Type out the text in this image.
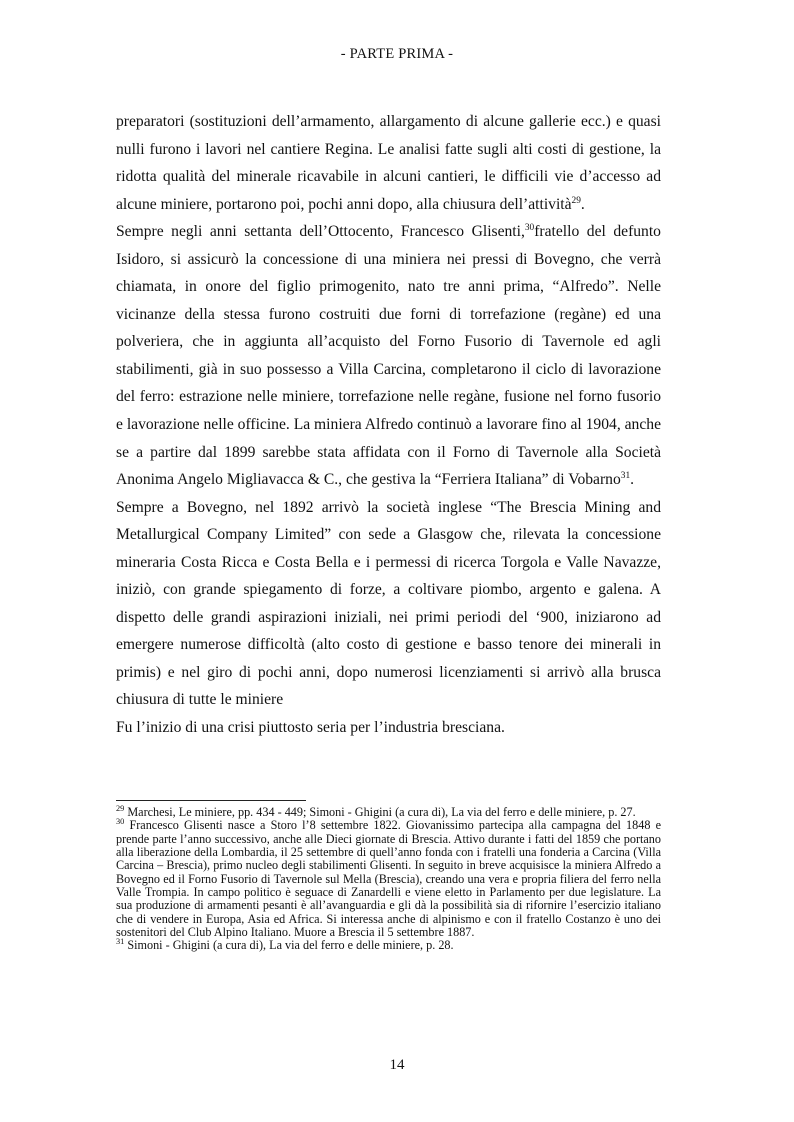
- PARTE PRIMA -

preparatori (sostituzioni dell’armamento, allargamento di alcune gallerie ecc.) e quasi nulli furono i lavori nel cantiere Regina. Le analisi fatte sugli alti costi di gestione, la ridotta qualità del minerale ricavabile in alcuni cantieri, le difficili vie d’accesso ad alcune miniere, portarono poi, pochi anni dopo, alla chiusura dell’attività$^{29}$.

Sempre negli anni settanta dell’Ottocento, Francesco Glisenti,$^{30}$fratello del defunto Isidoro, si assicurò la concessione di una miniera nei pressi di Bovegno, che verrà chiamata, in onore del figlio primogenito, nato tre anni prima, “Alfredo”. Nelle vicinanze della stessa furono costruiti due forni di torrefazione (regàne) ed una polveriera, che in aggiunta all’acquisto del Forno Fusorio di Tavernole ed agli stabilimenti, già in suo possesso a Villa Carcina, completarono il ciclo di lavorazione del ferro: estrazione nelle miniere, torrefazione nelle regàne, fusione nel forno fusorio e lavorazione nelle officine. La miniera Alfredo continuò a lavorare fino al 1904, anche se a partire dal 1899 sarebbe stata affidata con il Forno di Tavernole alla Società Anonima Angelo Migliavacca & C., che gestiva la “Ferriera Italiana” di Vobarno$^{31}$.

Sempre a Bovegno, nel 1892 arrivò la società inglese “The Brescia Mining and Metallurgical Company Limited” con sede a Glasgow che, rilevata la concessione mineraria Costa Ricca e Costa Bella e i permessi di ricerca Torgola e Valle Navazze, iniziò, con grande spiegamento di forze, a coltivare piombo, argento e galena. A dispetto delle grandi aspirazioni iniziali, nei primi periodi del ‘900, iniziarono ad emergere numerose difficoltà (alto costo di gestione e basso tenore dei minerali in primis) e nel giro di pochi anni, dopo numerosi licenziamenti si arrivò alla brusca chiusura di tutte le miniere

Fu l’inizio di una crisi piuttosto seria per l’industria bresciana.

$^{29}$ Marchesi, Le miniere, pp. 434 - 449; Simoni - Ghigini (a cura di), La via del ferro e delle miniere, p. 27.

$^{30}$ Francesco Glisenti nasce a Storo l’8 settembre 1822. Giovanissimo partecipa alla campagna del 1848 e prende parte l’anno successivo, anche alle Dieci giornate di Brescia. Attivo durante i fatti del 1859 che portano alla liberazione della Lombardia, il 25 settembre di quell’anno fonda con i fratelli una fonderia a Carcina (Villa Carcina – Brescia), primo nucleo degli stabilimenti Glisenti. In seguito in breve acquisisce la miniera Alfredo a Bovegno ed il Forno Fusorio di Tavernole sul Mella (Brescia), creando una vera e propria filiera del ferro nella Valle Trompia. In campo politico è seguace di Zanardelli e viene eletto in Parlamento per due legislature. La sua produzione di armamenti pesanti è all’avanguardia e gli dà la possibilità sia di rifornire l’esercizio italiano che di vendere in Europa, Asia ed Africa. Si interessa anche di alpinismo e con il fratello Costanzo è uno dei sostenitori del Club Alpino Italiano. Muore a Brescia il 5 settembre 1887.

$^{31}$ Simoni - Ghigini (a cura di), La via del ferro e delle miniere, p. 28.

14
